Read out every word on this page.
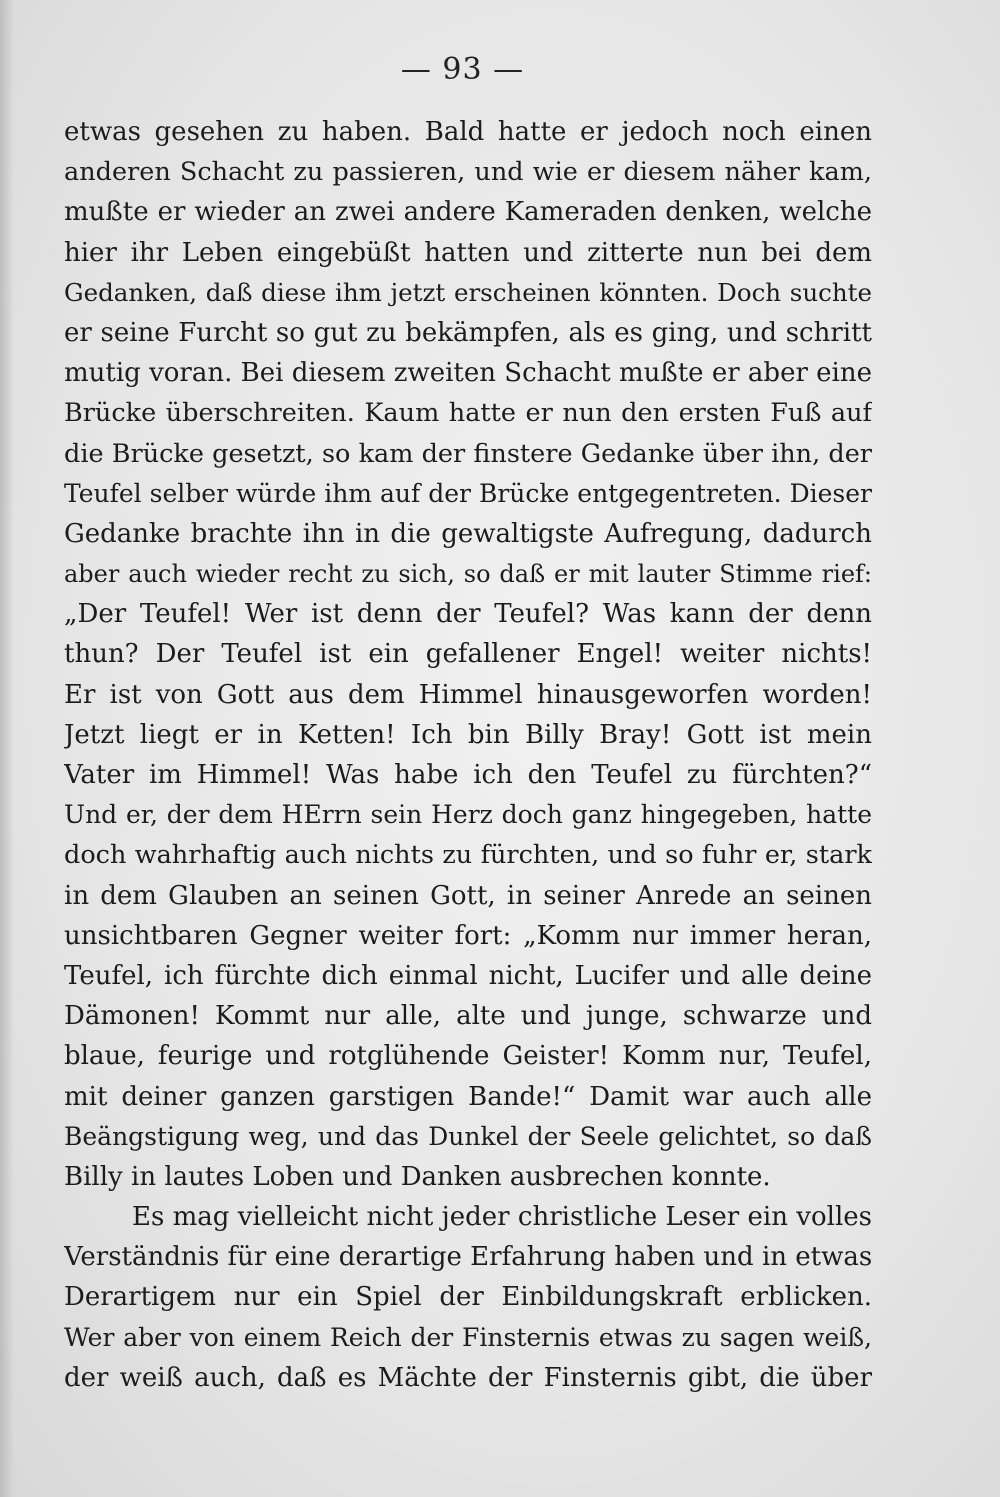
— 93 —
etwas gesehen zu haben. Bald hatte er jedoch noch einen
anderen Schacht zu passieren, und wie er diesem näher kam,
mußte er wieder an zwei andere Kameraden denken, welche
hier ihr Leben eingebüßt hatten und zitterte nun bei dem
Gedanken, daß diese ihm jetzt erscheinen könnten. Doch suchte
er seine Furcht so gut zu bekämpfen, als es ging, und schritt
mutig voran. Bei diesem zweiten Schacht mußte er aber eine
Brücke überschreiten. Kaum hatte er nun den ersten Fuß auf
die Brücke gesetzt, so kam der finstere Gedanke über ihn, der
Teufel selber würde ihm auf der Brücke entgegentreten. Dieser
Gedanke brachte ihn in die gewaltigste Aufregung, dadurch
aber auch wieder recht zu sich, so daß er mit lauter Stimme rief:
„Der Teufel! Wer ist denn der Teufel? Was kann der denn
thun? Der Teufel ist ein gefallener Engel! weiter nichts!
Er ist von Gott aus dem Himmel hinausgeworfen worden!
Jetzt liegt er in Ketten! Ich bin Billy Bray! Gott ist mein
Vater im Himmel! Was habe ich den Teufel zu fürchten?“
Und er, der dem HErrn sein Herz doch ganz hingegeben, hatte
doch wahrhaftig auch nichts zu fürchten, und so fuhr er, stark
in dem Glauben an seinen Gott, in seiner Anrede an seinen
unsichtbaren Gegner weiter fort: „Komm nur immer heran,
Teufel, ich fürchte dich einmal nicht, Lucifer und alle deine
Dämonen! Kommt nur alle, alte und junge, schwarze und
blaue, feurige und rotglühende Geister! Komm nur, Teufel,
mit deiner ganzen garstigen Bande!“ Damit war auch alle
Beängstigung weg, und das Dunkel der Seele gelichtet, so daß
Billy in lautes Loben und Danken ausbrechen konnte.
Es mag vielleicht nicht jeder christliche Leser ein volles
Verständnis für eine derartige Erfahrung haben und in etwas
Derartigem nur ein Spiel der Einbildungskraft erblicken.
Wer aber von einem Reich der Finsternis etwas zu sagen weiß,
der weiß auch, daß es Mächte der Finsternis gibt, die über
